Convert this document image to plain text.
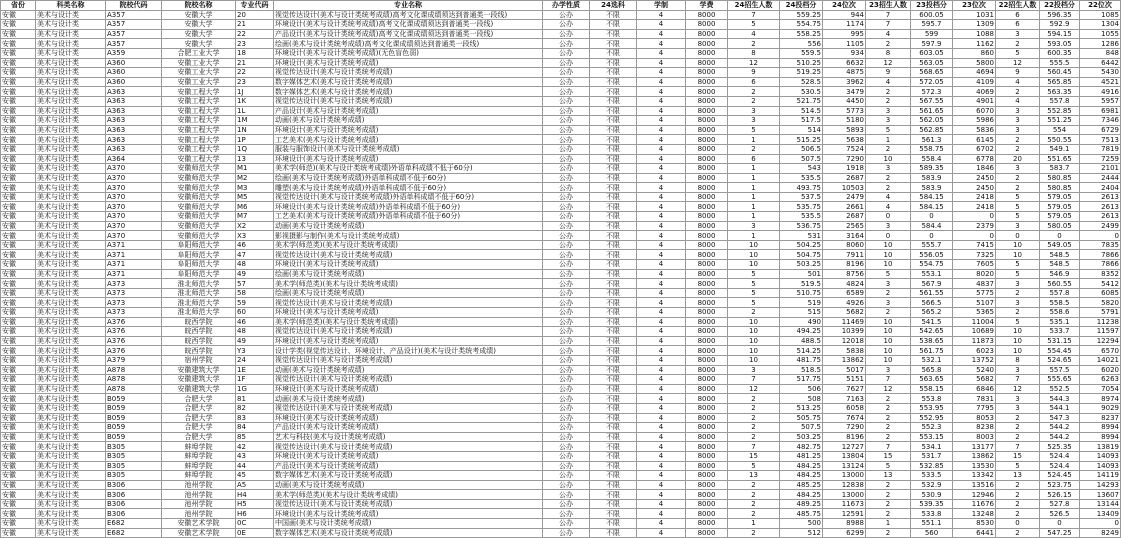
省份	科类名称	院校代码	院校名称	专业代码	专业名称	办学性质	24选科	学制	学费	24招生人数	24投档分	24位次	23招生人数	23投档分	23位次	22招生人数	22投档分	22位次
安徽	美术与设计类	A357	安徽大学	20	视觉传达设计(美术与设计类统考成绩)高考文化课成绩须达到普通类一段线)	公办	不限	4	8000	7	559.25	944	7	600.05	1031	6	596.35	1085
安徽	美术与设计类	A357	安徽大学	21	环境设计(美术与设计类统考成绩)高考文化课成绩须达到普通类一段线)	公办	不限	4	8000	5	554.75	1174	7	595.7	1309	6	592.9	1304
安徽	美术与设计类	A357	安徽大学	22	产品设计(美术与设计类统考成绩)高考文化课成绩须达到普通类一段线)	公办	不限	4	8000	4	558.25	995	4	599	1088	3	594.15	1055
安徽	美术与设计类	A357	安徽大学	23	绘画(美术与设计类统考成绩)高考文化课成绩须达到普通类一段线)	公办	不限	4	8000	2	556	1105	2	597.9	1162	2	593.05	1286
安徽	美术与设计类	A359	合肥工业大学	18	环境设计(美术与设计类统考成绩)(无色盲色弱)	公办	不限	4	8000	8	559.5	934	8	603.05	860	5	600.35	848
安徽	美术与设计类	A360	安徽工业大学	21	环境设计(美术与设计类统考成绩)	公办	不限	4	8000	12	510.25	6632	12	563.05	5800	12	555.5	6442
安徽	美术与设计类	A360	安徽工业大学	22	视觉传达设计(美术与设计类统考成绩)	公办	不限	4	8000	9	519.25	4875	9	568.65	4694	9	560.45	5430
安徽	美术与设计类	A360	安徽工业大学	23	数字媒体艺术(美术与设计类统考成绩)	公办	不限	4	8000	6	528.5	3962	4	572.05	4109	4	565.85	4521
安徽	美术与设计类	A363	安徽工程大学	1J	数字媒体艺术(美术与设计类统考成绩)	公办	不限	4	8000	2	530.5	3479	2	572.3	4069	2	563.35	4916
安徽	美术与设计类	A363	安徽工程大学	1K	视觉传达设计(美术与设计类统考成绩)	公办	不限	4	8000	2	521.75	4450	2	567.55	4901	4	557.8	5957
安徽	美术与设计类	A363	安徽工程大学	1L	产品设计(美术与设计类统考成绩)	公办	不限	4	8000	3	514.5	5773	3	561.65	6070	3	552.85	6981
安徽	美术与设计类	A363	安徽工程大学	1M	动画(美术与设计类统考成绩)	公办	不限	4	8000	3	517.5	5180	3	562.05	5986	3	551.25	7346
安徽	美术与设计类	A363	安徽工程大学	1N	环境设计(美术与设计类统考成绩)	公办	不限	4	8000	5	514	5893	5	562.85	5836	3	554	6729
安徽	美术与设计类	A363	安徽工程大学	1P	工艺美术(美术与设计类统考成绩)	公办	不限	4	8000	1	515.25	5638	1	561.3	6145	2	550.55	7513
安徽	美术与设计类	A363	安徽工程大学	1Q	服装与服饰设计(美术与设计类统考成绩)	公办	不限	4	8000	2	506.5	7524	2	558.75	6702	2	549.1	7819
安徽	美术与设计类	A364	安徽工程大学	13	环境设计(美术与设计类统考成绩)	公办	不限	4	8000	6	507.5	7290	10	558.4	6778	20	551.65	7259
安徽	美术与设计类	A370	安徽师范大学	M1	美术学(师范)(美术与设计类统考成绩)外语单科成绩不低于60分)	公办	不限	4	8000	1	543	1918	3	589.35	1846	3	583.7	2101
安徽	美术与设计类	A370	安徽师范大学	M2	绘画(美术与设计类统考成绩)外语单科成绩不低于60分)	公办	不限	4	8000	1	535.5	2687	2	583.9	2450	2	580.85	2444
安徽	美术与设计类	A370	安徽师范大学	M3	雕塑(美术与设计类统考成绩)外语单科成绩不低于60分)	公办	不限	4	8000	1	493.75	10503	2	583.9	2450	2	580.85	2404
安徽	美术与设计类	A370	安徽师范大学	M5	视觉传达设计(美术与设计类统考成绩)外语单科成绩不低于60分)	公办	不限	4	8000	1	537.5	2479	4	584.15	2418	5	579.05	2613
安徽	美术与设计类	A370	安徽师范大学	M6	环境设计(美术与设计类统考成绩)外语单科成绩不低于60分)	公办	不限	4	8000	1	535.75	2661	4	584.15	2418	5	579.05	2613
安徽	美术与设计类	A370	安徽师范大学	M7	工艺美术(美术与设计类统考成绩)外语单科成绩不低于60分)	公办	不限	4	8000	1	535.5	2687	0	0	0	5	579.05	2613
安徽	美术与设计类	A370	安徽师范大学	X2	动画(美术与设计类统考成绩)	公办	不限	4	8000	3	536.75	2565	3	584.4	2379	3	580.05	2499
安徽	美术与设计类	A370	安徽师范大学	X3	影视摄影与制作(美术与设计类统考成绩)	公办	不限	4	8000	1	531	3164	0	0	0	0	0	0
安徽	美术与设计类	A371	阜阳师范大学	46	美术学(师范类)(美术与设计类统考成绩)	公办	不限	4	8000	10	504.25	8060	10	555.7	7415	10	549.05	7835
安徽	美术与设计类	A371	阜阳师范大学	47	视觉传达设计(美术与设计类统考成绩)	公办	不限	4	8000	10	504.75	7911	10	556.05	7325	10	548.5	7866
安徽	美术与设计类	A371	阜阳师范大学	48	环境设计(美术与设计类统考成绩)	公办	不限	4	8000	10	503.25	8196	10	554.75	7605	5	548.5	7866
安徽	美术与设计类	A371	阜阳师范大学	49	绘画(美术与设计类统考成绩)	公办	不限	4	8000	5	501	8756	5	553.1	8020	5	546.9	8352
安徽	美术与设计类	A373	淮北师范大学	57	美术学(师范类)(美术与设计类统考成绩)	公办	不限	4	8000	5	519.5	4824	3	567.9	4837	3	560.55	5412
安徽	美术与设计类	A373	淮北师范大学	58	绘画(美术与设计类统考成绩)	公办	不限	4	8000	5	510.75	6589	2	561.55	5775	2	557.8	6085
安徽	美术与设计类	A373	淮北师范大学	59	视觉传达设计(美术与设计类统考成绩)	公办	不限	4	8000	5	519	4926	3	566.5	5107	3	558.5	5820
安徽	美术与设计类	A373	淮北师范大学	60	环境设计(美术与设计类统考成绩)	公办	不限	4	8000	2	515	5682	2	565.2	5365	2	558.6	5791
安徽	美术与设计类	A376	皖西学院	46	美术学(师范类)(美术与设计类统考成绩)	公办	不限	4	8000	10	490	11469	10	541.5	11004	5	535.1	11238
安徽	美术与设计类	A376	皖西学院	48	视觉传达设计(美术与设计类统考成绩)	公办	不限	4	8000	10	494.25	10399	10	542.65	10689	10	533.7	11597
安徽	美术与设计类	A376	皖西学院	49	环境设计(美术与设计类统考成绩)	公办	不限	4	8000	10	488.5	12018	10	538.65	11873	10	531.15	12294
安徽	美术与设计类	A376	皖西学院	Y3	设计学类(视觉传达设计、环境设计、产品设计)(美术与设计类统考成绩)	公办	不限	4	8000	10	514.25	5838	10	561.75	6023	10	554.45	6570
安徽	美术与设计类	A379	宿州学院	24	视觉传达设计(美术与设计类统考成绩)	公办	不限	4	8000	10	481.75	13862	10	532.1	13752	8	524.65	14021
安徽	美术与设计类	A878	安徽建筑大学	1E	动画(美术与设计类统考成绩)	公办	不限	4	8000	3	518.5	5017	3	565.8	5240	3	557.5	6020
安徽	美术与设计类	A878	安徽建筑大学	1F	视觉传达设计(美术与设计类统考成绩)	公办	不限	4	8000	7	517.75	5151	7	563.65	5682	7	555.65	6263
安徽	美术与设计类	A878	安徽建筑大学	1G	环境设计(美术与设计类统考成绩)	公办	不限	4	8000	12	506	7627	12	558.15	6846	12	552.5	7054
安徽	美术与设计类	B059	合肥大学	81	动画(美术与设计类统考成绩)	公办	不限	4	8000	2	508	7163	2	553.8	7831	3	544.3	8974
安徽	美术与设计类	B059	合肥大学	82	视觉传达设计(美术与设计类统考成绩)	公办	不限	4	8000	2	513.25	6058	2	553.95	7795	3	544.1	9029
安徽	美术与设计类	B059	合肥大学	83	环境设计(美术与设计类统考成绩)	公办	不限	4	8000	2	505.75	7674	2	552.95	8053	2	547.3	8237
安徽	美术与设计类	B059	合肥大学	84	产品设计(美术与设计类统考成绩)	公办	不限	4	8000	2	507.5	7290	2	552.3	8238	2	544.2	8994
安徽	美术与设计类	B059	合肥大学	85	艺术与科技(美术与设计类统考成绩)	公办	不限	4	8000	2	503.25	8196	2	553.15	8003	2	544.2	8994
安徽	美术与设计类	B305	蚌埠学院	42	视觉传达设计(美术与设计类统考成绩)	公办	不限	4	8000	7	482.75	12727	7	534.1	13177	7	525.35	13819
安徽	美术与设计类	B305	蚌埠学院	43	环境设计(美术与设计类统考成绩)	公办	不限	4	8000	15	481.25	13804	15	531.7	13862	15	524.4	14093
安徽	美术与设计类	B305	蚌埠学院	44	产品设计(美术与设计类统考成绩)	公办	不限	4	8000	5	484.25	13124	5	532.85	13530	5	524.4	14093
安徽	美术与设计类	B305	蚌埠学院	45	数字媒体艺术(美术与设计类统考成绩)	公办	不限	4	8000	13	484.25	13000	13	533.5	13342	13	524.45	14119
安徽	美术与设计类	B306	池州学院	A5	动画(美术与设计类统考成绩)	公办	不限	4	8000	2	485.25	12838	2	532.9	13516	2	523.75	14293
安徽	美术与设计类	B306	池州学院	H4	美术学(师范类)(美术与设计类统考成绩)	公办	不限	4	8000	2	484.25	13000	2	530.9	12946	2	526.15	13607
安徽	美术与设计类	B306	池州学院	H5	视觉传达设计(美术与设计类统考成绩)	公办	不限	4	8000	2	489.25	11673	2	539.35	11676	2	527.8	13144
安徽	美术与设计类	B306	池州学院	H6	环境设计(美术与设计类统考成绩)	公办	不限	4	8000	2	485.75	12591	2	533.8	13248	2	526.5	13409
安徽	美术与设计类	E682	安徽艺术学院	0C	中国画(美术与设计类统考成绩)	公办	不限	4	8000	1	500	8988	1	551.1	8530	0	0	0
安徽	美术与设计类	E682	安徽艺术学院	0E	数字媒体艺术(美术与设计类统考成绩)	公办	不限	4	8000	2	512	6299	2	560	6441	2	547.25	8249
